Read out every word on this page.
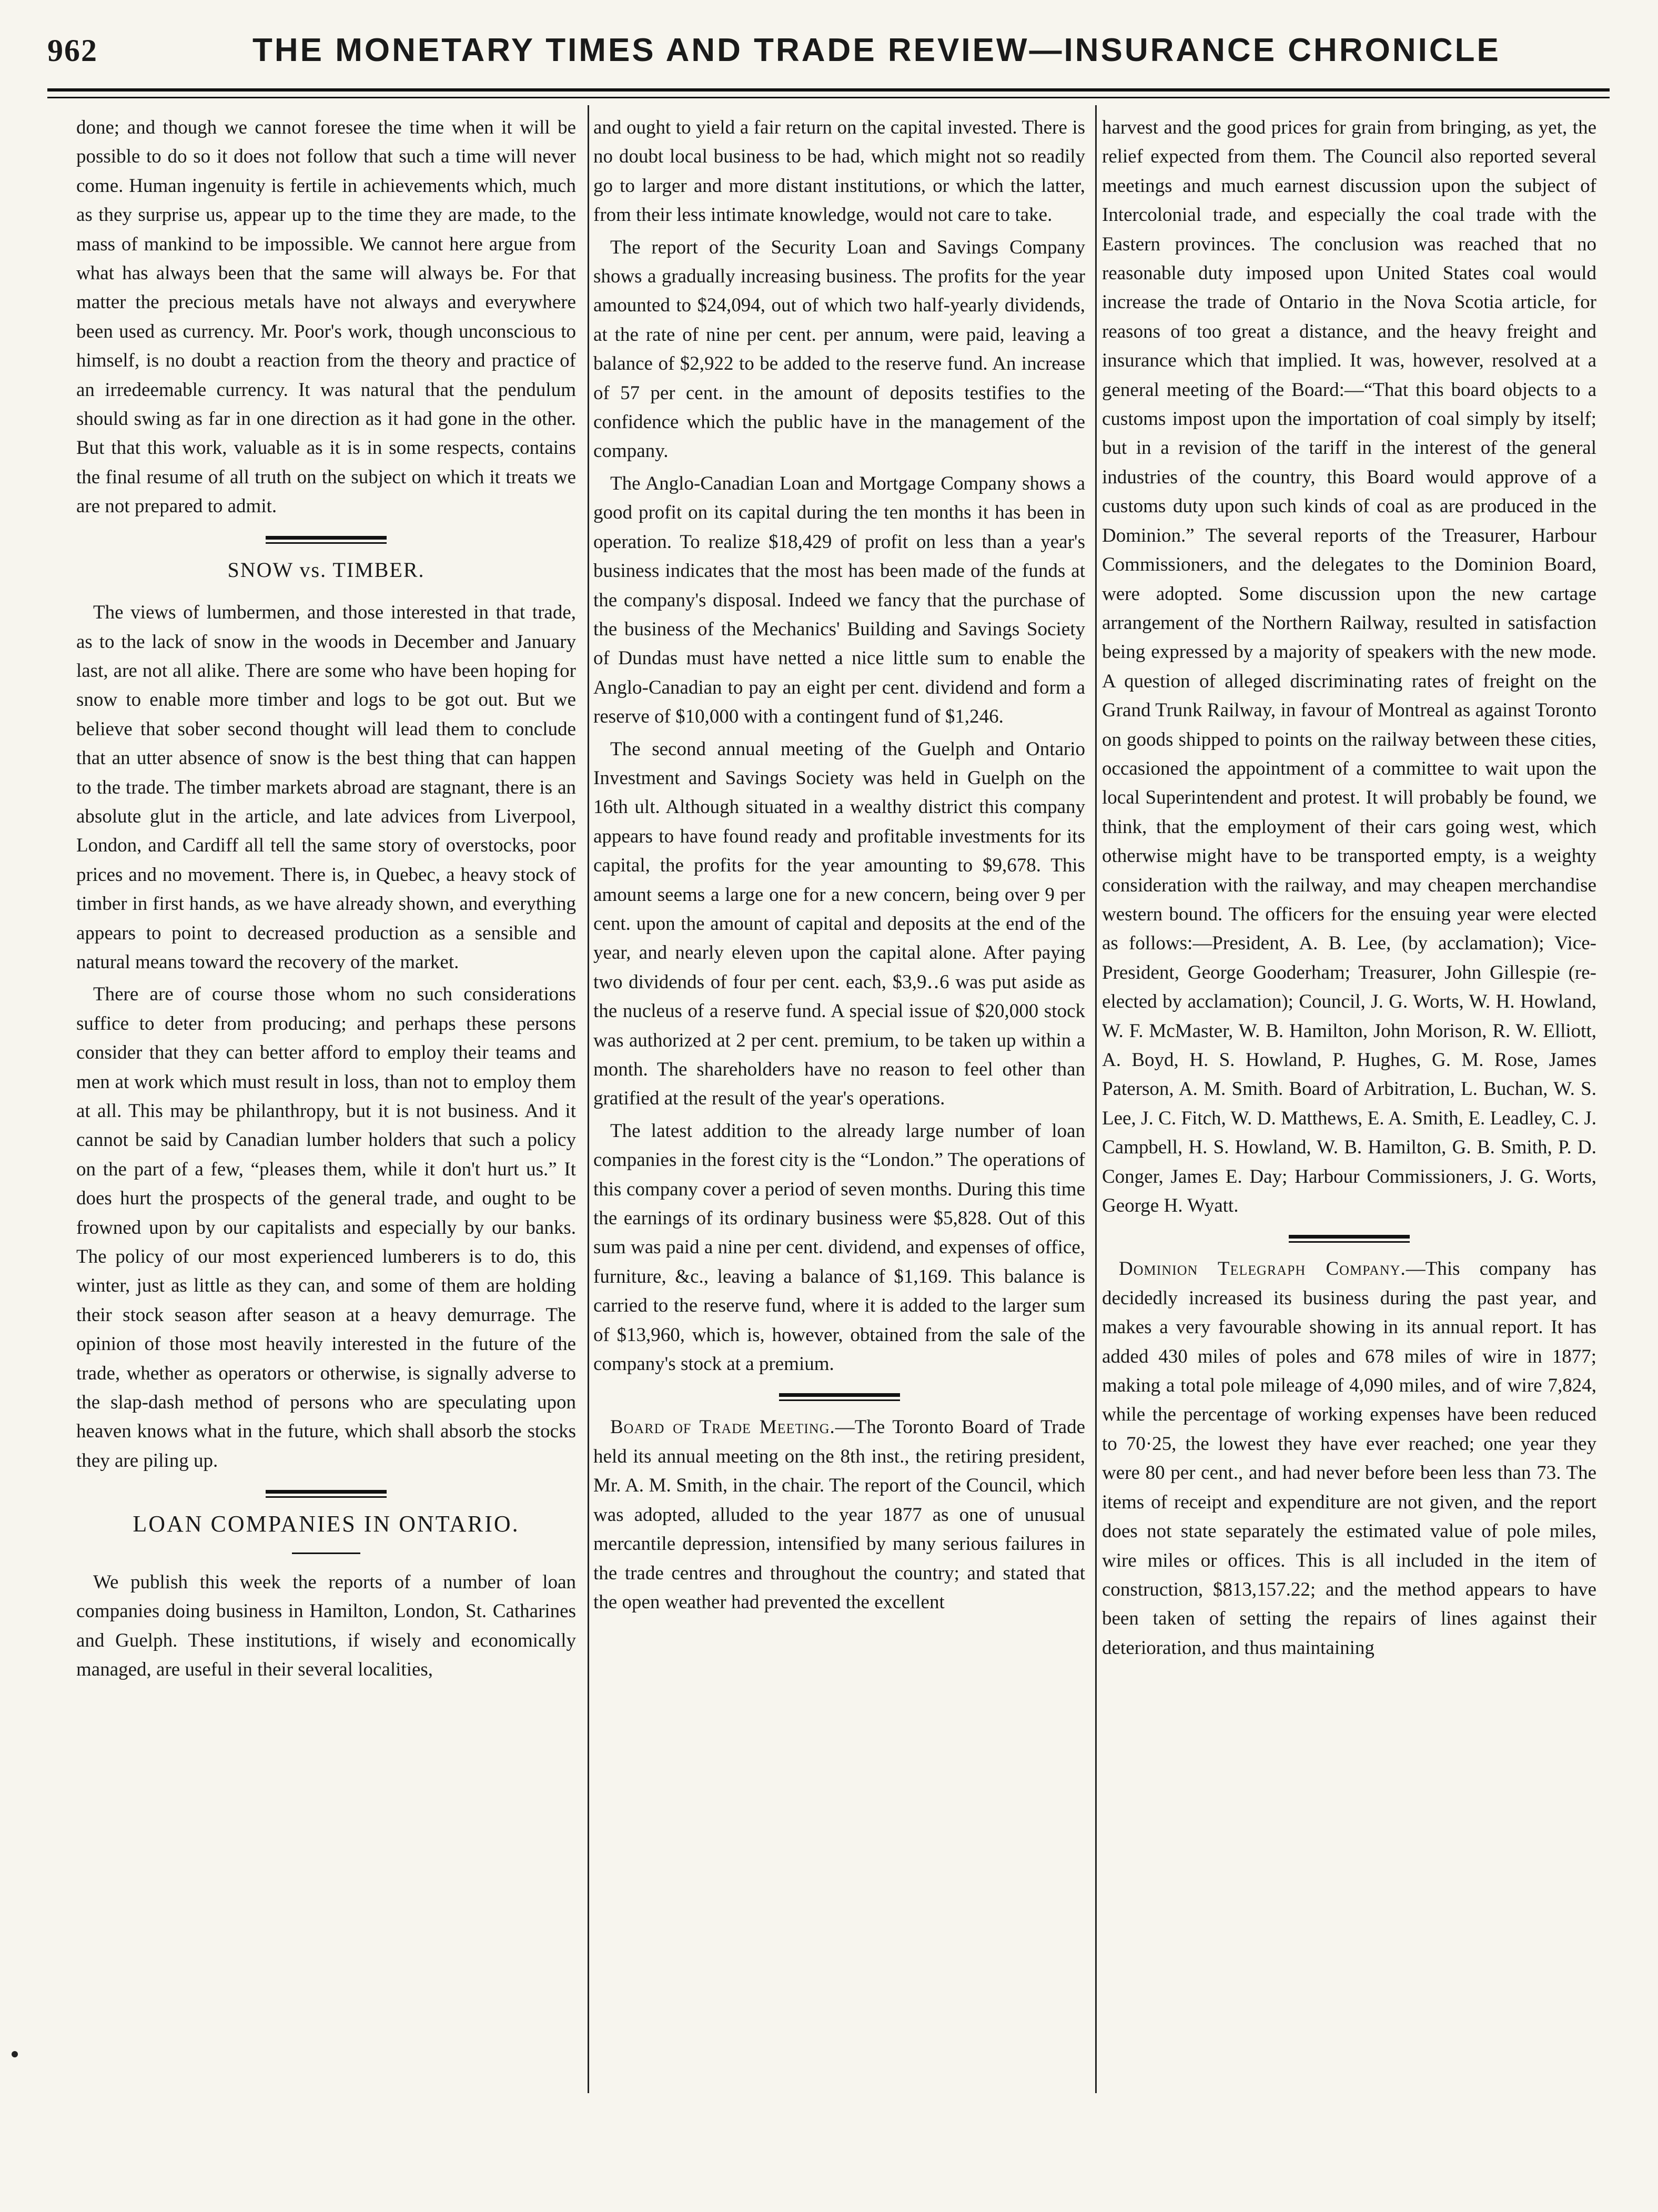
962	THE MONETARY TIMES AND TRADE REVIEW—INSURANCE CHRONICLE

done; and though we cannot foresee the time when it will be possible to do so it does not follow that such a time will never come. Human ingenuity is fertile in achievements which, much as they surprise us, appear up to the time they are made, to the mass of mankind to be impossible. We cannot here argue from what has always been that the same will always be. For that matter the precious metals have not always and everywhere been used as currency. Mr. Poor's work, though unconscious to himself, is no doubt a reaction from the theory and practice of an irredeemable currency. It was natural that the pendulum should swing as far in one direction as it had gone in the other. But that this work, valuable as it is in some respects, contains the final resume of all truth on the subject on which it treats we are not prepared to admit.

SNOW vs. TIMBER.

The views of lumbermen, and those interested in that trade, as to the lack of snow in the woods in December and January last, are not all alike. There are some who have been hoping for snow to enable more timber and logs to be got out. But we believe that sober second thought will lead them to conclude that an utter absence of snow is the best thing that can happen to the trade. The timber markets abroad are stagnant, there is an absolute glut in the article, and late advices from Liverpool, London, and Cardiff all tell the same story of overstocks, poor prices and no movement. There is, in Quebec, a heavy stock of timber in first hands, as we have already shown, and everything appears to point to decreased production as a sensible and natural means toward the recovery of the market.

There are of course those whom no such considerations suffice to deter from producing; and perhaps these persons consider that they can better afford to employ their teams and men at work which must result in loss, than not to employ them at all. This may be philanthropy, but it is not business. And it cannot be said by Canadian lumber holders that such a policy on the part of a few, “pleases them, while it don't hurt us.” It does hurt the prospects of the general trade, and ought to be frowned upon by our capitalists and especially by our banks. The policy of our most experienced lumberers is to do, this winter, just as little as they can, and some of them are holding their stock season after season at a heavy demurrage. The opinion of those most heavily interested in the future of the trade, whether as operators or otherwise, is signally adverse to the slap-dash method of persons who are speculating upon heaven knows what in the future, which shall absorb the stocks they are piling up.

LOAN COMPANIES IN ONTARIO.

We publish this week the reports of a number of loan companies doing business in Hamilton, London, St. Catharines and Guelph. These institutions, if wisely and economically managed, are useful in their several localities,

and ought to yield a fair return on the capital invested. There is no doubt local business to be had, which might not so readily go to larger and more distant institutions, or which the latter, from their less intimate knowledge, would not care to take.

The report of the Security Loan and Savings Company shows a gradually increasing business. The profits for the year amounted to $24,094, out of which two half-yearly dividends, at the rate of nine per cent. per annum, were paid, leaving a balance of $2,922 to be added to the reserve fund. An increase of 57 per cent. in the amount of deposits testifies to the confidence which the public have in the management of the company.

The Anglo-Canadian Loan and Mortgage Company shows a good profit on its capital during the ten months it has been in operation. To realize $18,429 of profit on less than a year's business indicates that the most has been made of the funds at the company's disposal. Indeed we fancy that the purchase of the business of the Mechanics' Building and Savings Society of Dundas must have netted a nice little sum to enable the Anglo-Canadian to pay an eight per cent. dividend and form a reserve of $10,000 with a contingent fund of $1,246.

The second annual meeting of the Guelph and Ontario Investment and Savings Society was held in Guelph on the 16th ult. Although situated in a wealthy district this company appears to have found ready and profitable investments for its capital, the profits for the year amounting to $9,678. This amount seems a large one for a new concern, being over 9 per cent. upon the amount of capital and deposits at the end of the year, and nearly eleven upon the capital alone. After paying two dividends of four per cent. each, $3,9‥6 was put aside as the nucleus of a reserve fund. A special issue of $20,000 stock was authorized at 2 per cent. premium, to be taken up within a month. The shareholders have no reason to feel other than gratified at the result of the year's operations.

The latest addition to the already large number of loan companies in the forest city is the “London.” The operations of this company cover a period of seven months. During this time the earnings of its ordinary business were $5,828. Out of this sum was paid a nine per cent. dividend, and expenses of office, furniture, &c., leaving a balance of $1,169. This balance is carried to the reserve fund, where it is added to the larger sum of $13,960, which is, however, obtained from the sale of the company's stock at a premium.

Board of Trade Meeting.—The Toronto Board of Trade held its annual meeting on the 8th inst., the retiring president, Mr. A. M. Smith, in the chair. The report of the Council, which was adopted, alluded to the year 1877 as one of unusual mercantile depression, intensified by many serious failures in the trade centres and throughout the country; and stated that the open weather had prevented the excellent

harvest and the good prices for grain from bringing, as yet, the relief expected from them. The Council also reported several meetings and much earnest discussion upon the subject of Intercolonial trade, and especially the coal trade with the Eastern provinces. The conclusion was reached that no reasonable duty imposed upon United States coal would increase the trade of Ontario in the Nova Scotia article, for reasons of too great a distance, and the heavy freight and insurance which that implied. It was, however, resolved at a general meeting of the Board:—“That this board objects to a customs impost upon the importation of coal simply by itself; but in a revision of the tariff in the interest of the general industries of the country, this Board would approve of a customs duty upon such kinds of coal as are produced in the Dominion.” The several reports of the Treasurer, Harbour Commissioners, and the delegates to the Dominion Board, were adopted. Some discussion upon the new cartage arrangement of the Northern Railway, resulted in satisfaction being expressed by a majority of speakers with the new mode. A question of alleged discriminating rates of freight on the Grand Trunk Railway, in favour of Montreal as against Toronto on goods shipped to points on the railway between these cities, occasioned the appointment of a committee to wait upon the local Superintendent and protest. It will probably be found, we think, that the employment of their cars going west, which otherwise might have to be transported empty, is a weighty consideration with the railway, and may cheapen merchandise western bound. The officers for the ensuing year were elected as follows:—President, A. B. Lee, (by acclamation); Vice-President, George Gooderham; Treasurer, John Gillespie (re-elected by acclamation); Council, J. G. Worts, W. H. Howland, W. F. McMaster, W. B. Hamilton, John Morison, R. W. Elliott, A. Boyd, H. S. Howland, P. Hughes, G. M. Rose, James Paterson, A. M. Smith. Board of Arbitration, L. Buchan, W. S. Lee, J. C. Fitch, W. D. Matthews, E. A. Smith, E. Leadley, C. J. Campbell, H. S. Howland, W. B. Hamilton, G. B. Smith, P. D. Conger, James E. Day; Harbour Commissioners, J. G. Worts, George H. Wyatt.

Dominion Telegraph Company.—This company has decidedly increased its business during the past year, and makes a very favourable showing in its annual report. It has added 430 miles of poles and 678 miles of wire in 1877; making a total pole mileage of 4,090 miles, and of wire 7,824, while the percentage of working expenses have been reduced to 70·25, the lowest they have ever reached; one year they were 80 per cent., and had never before been less than 73. The items of receipt and expenditure are not given, and the report does not state separately the estimated value of pole miles, wire miles or offices. This is all included in the item of construction, $813,157.22; and the method appears to have been taken of setting the repairs of lines against their deterioration, and thus maintaining
